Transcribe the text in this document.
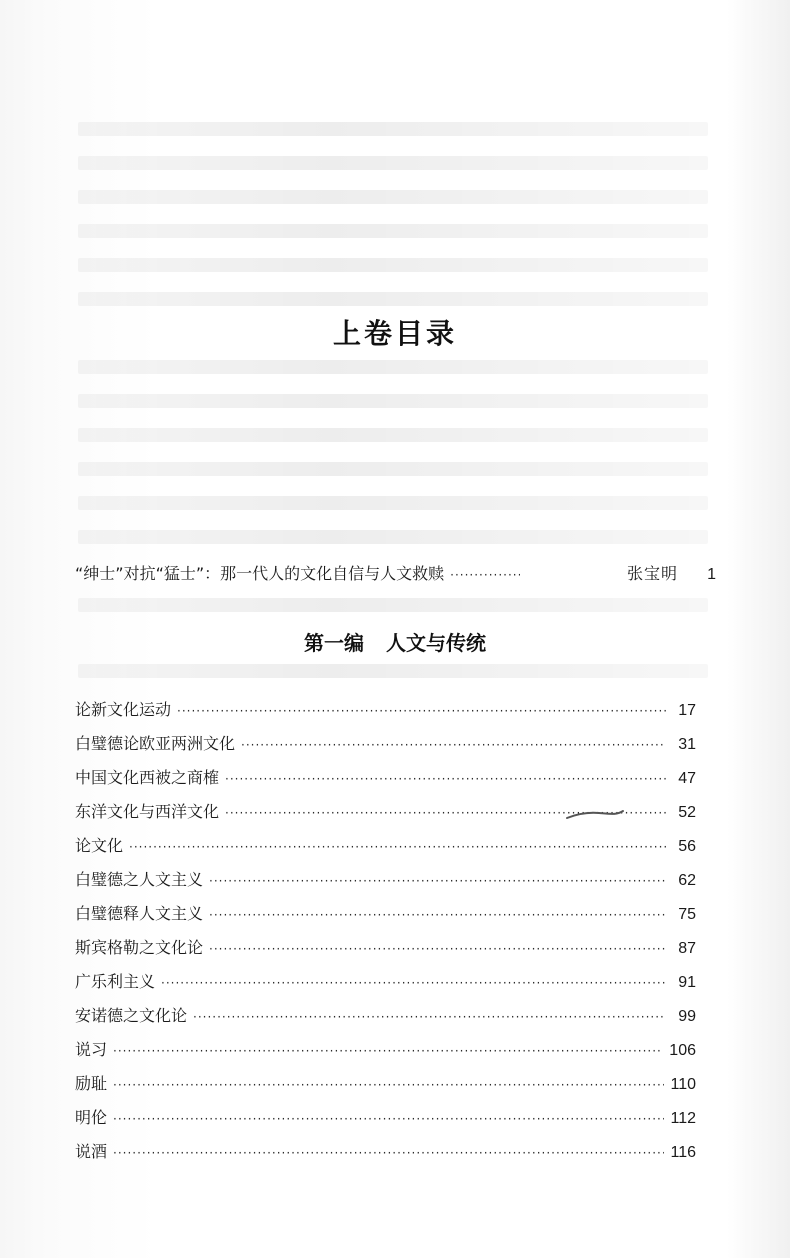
上卷目录
“绅士”对抗“猛士”：那一代人的文化自信与人文救赎 ·····	张宝明	1
第一编 人文与传统
论新文化运动 ·····	17
白璧德论欧亚两洲文化 ·····	31
中国文化西被之商榷 ·····	47
东洋文化与西洋文化 ·····	52
论文化 ·····	56
白璧德之人文主义 ·····	62
白璧德释人文主义 ·····	75
斯宾格勒之文化论 ·····	87
广乐利主义 ·····	91
安诺德之文化论 ·····	99
说习 ·····	106
励耻 ·····	110
明伦 ·····	112
说酒 ·····	116
